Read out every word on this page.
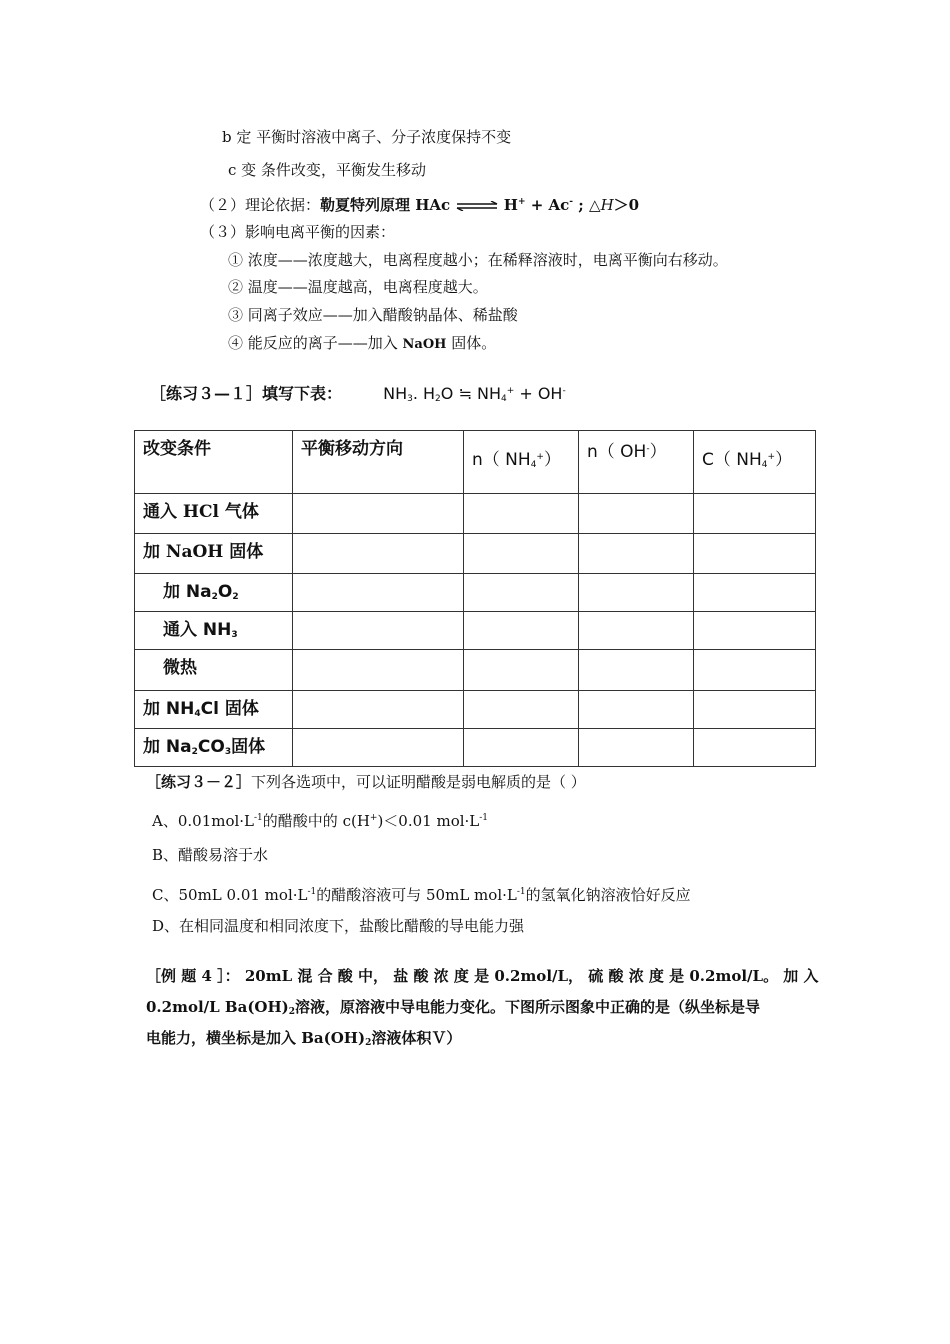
b 定 平衡时溶液中离子、分子浓度保持不变
c 变 条件改变，平衡发生移动
（２）理论依据：勒夏特列原理 HAc ⇌ H+ + Ac- ; △H＞0
（３）影响电离平衡的因素：
① 浓度——浓度越大，电离程度越小；在稀释溶液时，电离平衡向右移动。
② 温度——温度越高，电离程度越大。
③ 同离子效应——加入醋酸钠晶体、稀盐酸
④ 能反应的离子——加入 NaOH 固体。
［练习３—１］填写下表：	$NH_3$. $H_2O$ ≒ $NH_4^+ + OH^-$
改变条件	平衡移动方向	n（ $NH_4^+$）	n（ OH-）	C（ $NH_4^+$）
通入 HCl 气体				
加 NaOH 固体				
加 $Na_2O_2$				
通入 $NH_3$				
微热				
加 $NH_4Cl$ 固体				
加 $Na_2CO_3$固体				
［练习３－２］下列各选项中，可以证明醋酸是弱电解质的是（ ）
A、$0.01mol\cdot L^{-1}$的醋酸中的 c(H+)＜0.01 $mol\cdot L^{-1}$
B、醋酸易溶于水
C、50mL 0.01 $mol\cdot L^{-1}$的醋酸溶液可与 50mL $mol\cdot L^{-1}$的氢氧化钠溶液恰好反应
D、在相同温度和相同浓度下，盐酸比醋酸的导电能力强
［例 题 4 ］： 20mL 混 合 酸 中， 盐 酸 浓 度 是 0.2mol/L， 硫 酸 浓 度 是 0.2mol/L。 加 入
0.2mol/L $Ba(OH)_2$溶液，原溶液中导电能力变化。下图所示图象中正确的是（纵坐标是导
电能力，横坐标是加入 $Ba(OH)_2$溶液体积Ｖ）
